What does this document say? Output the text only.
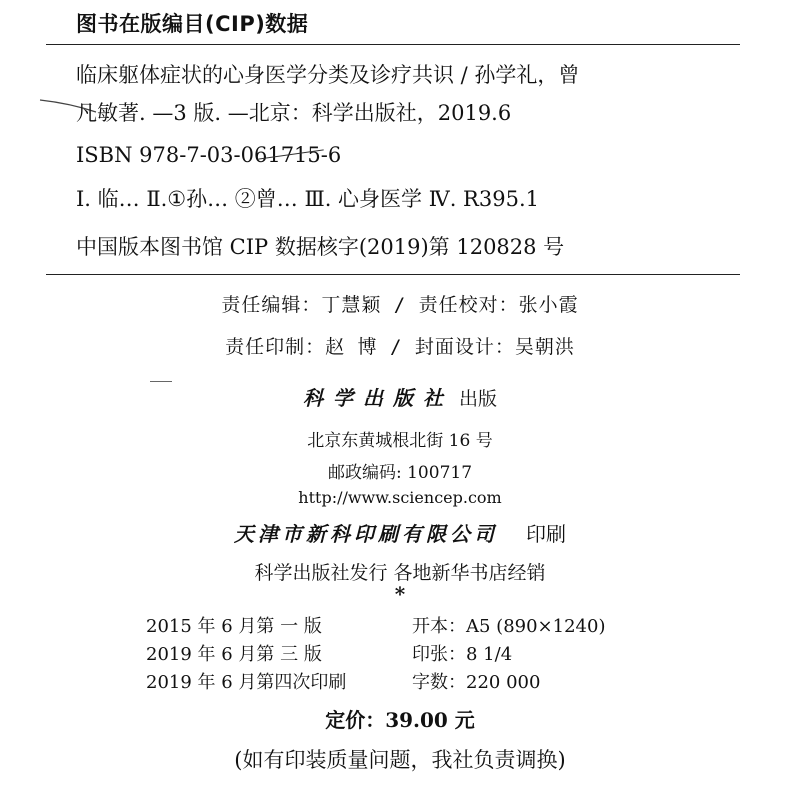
图书在版编目(CIP)数据
临床躯体症状的心身医学分类及诊疗共识 / 孙学礼，曾
凡敏著. —3 版. —北京：科学出版社，2019.6
ISBN 978-7-03-061715-6
Ⅰ. 临… Ⅱ.①孙… ②曾… Ⅲ. 心身医学 Ⅳ. R395.1
中国版本图书馆 CIP 数据核字(2019)第 120828 号
责任编辑：丁慧颖 / 责任校对：张小霞
责任印制：赵 博 / 封面设计：吴朝洪
科学出版社 出版
北京东黄城根北街 16 号
邮政编码: 100717
http://www.sciencep.com
天津市新科印刷有限公司 印刷
科学出版社发行 各地新华书店经销
*
2015 年 6 月第 一 版	开本：A5 (890×1240)
2019 年 6 月第 三 版	印张：8 1/4
2019 年 6 月第四次印刷	字数：220 000
定价：39.00 元
(如有印装质量问题，我社负责调换)
